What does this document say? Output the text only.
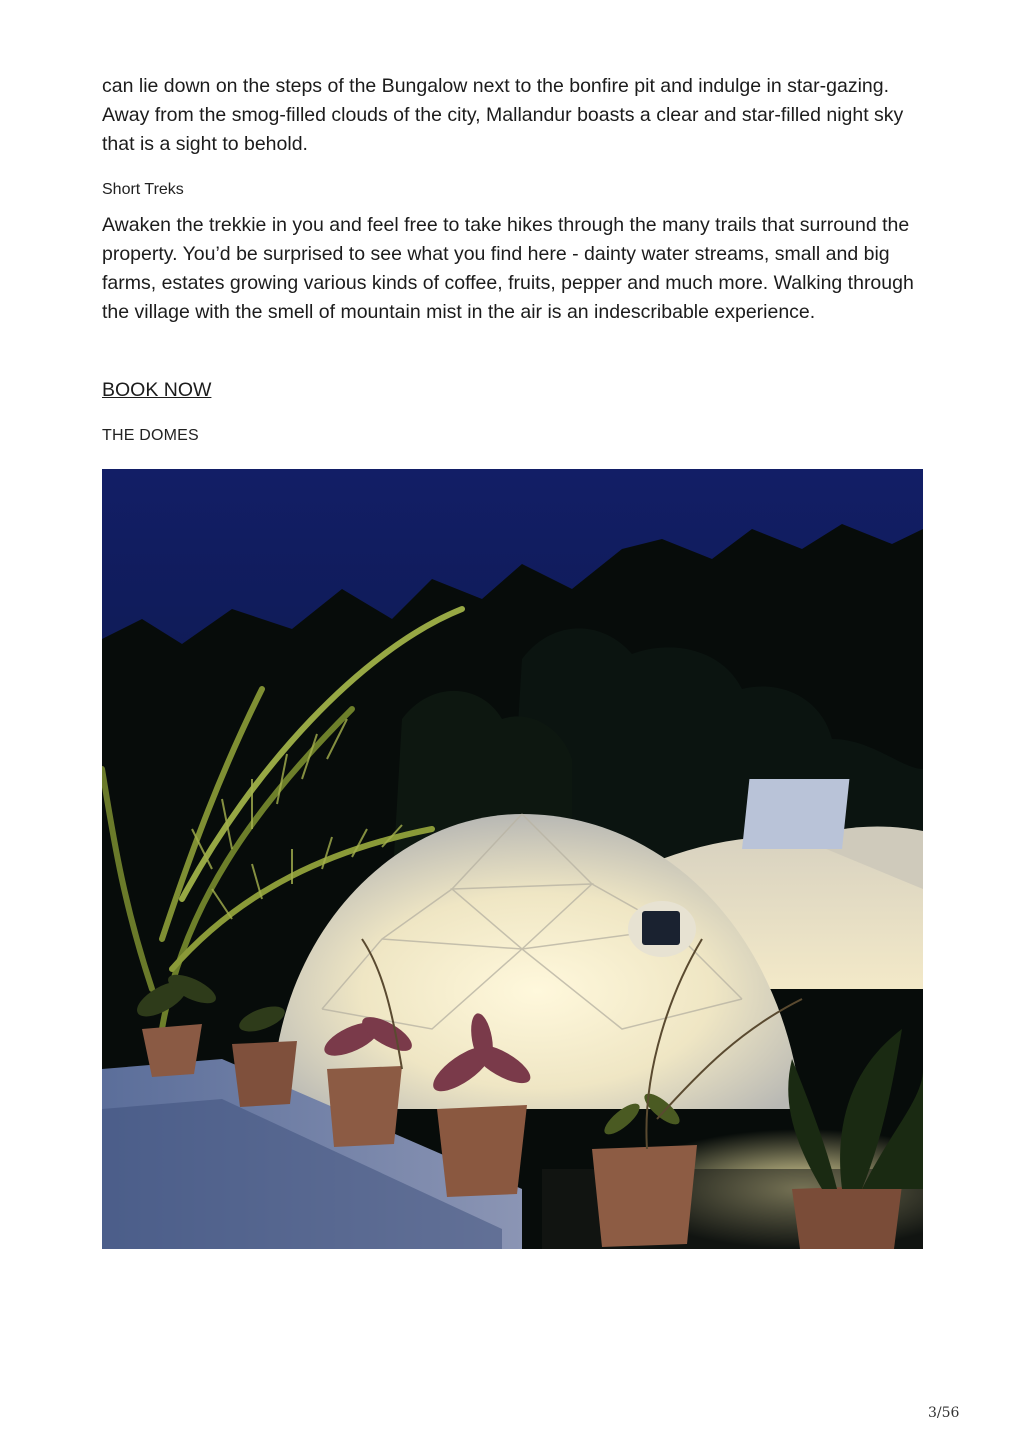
can lie down on the steps of the Bungalow next to the bonfire pit and indulge in star-gazing. Away from the smog-filled clouds of the city, Mallandur boasts a clear and star-filled night sky that is a sight to behold.

Short Treks

Awaken the trekkie in you and feel free to take hikes through the many trails that surround the property. You’d be surprised to see what you find here - dainty water streams, small and big farms, estates growing various kinds of coffee, fruits, pepper and much more. Walking through the village with the smell of mountain mist in the air is an indescribable experience.

BOOK NOW
THE DOMES
3/56
